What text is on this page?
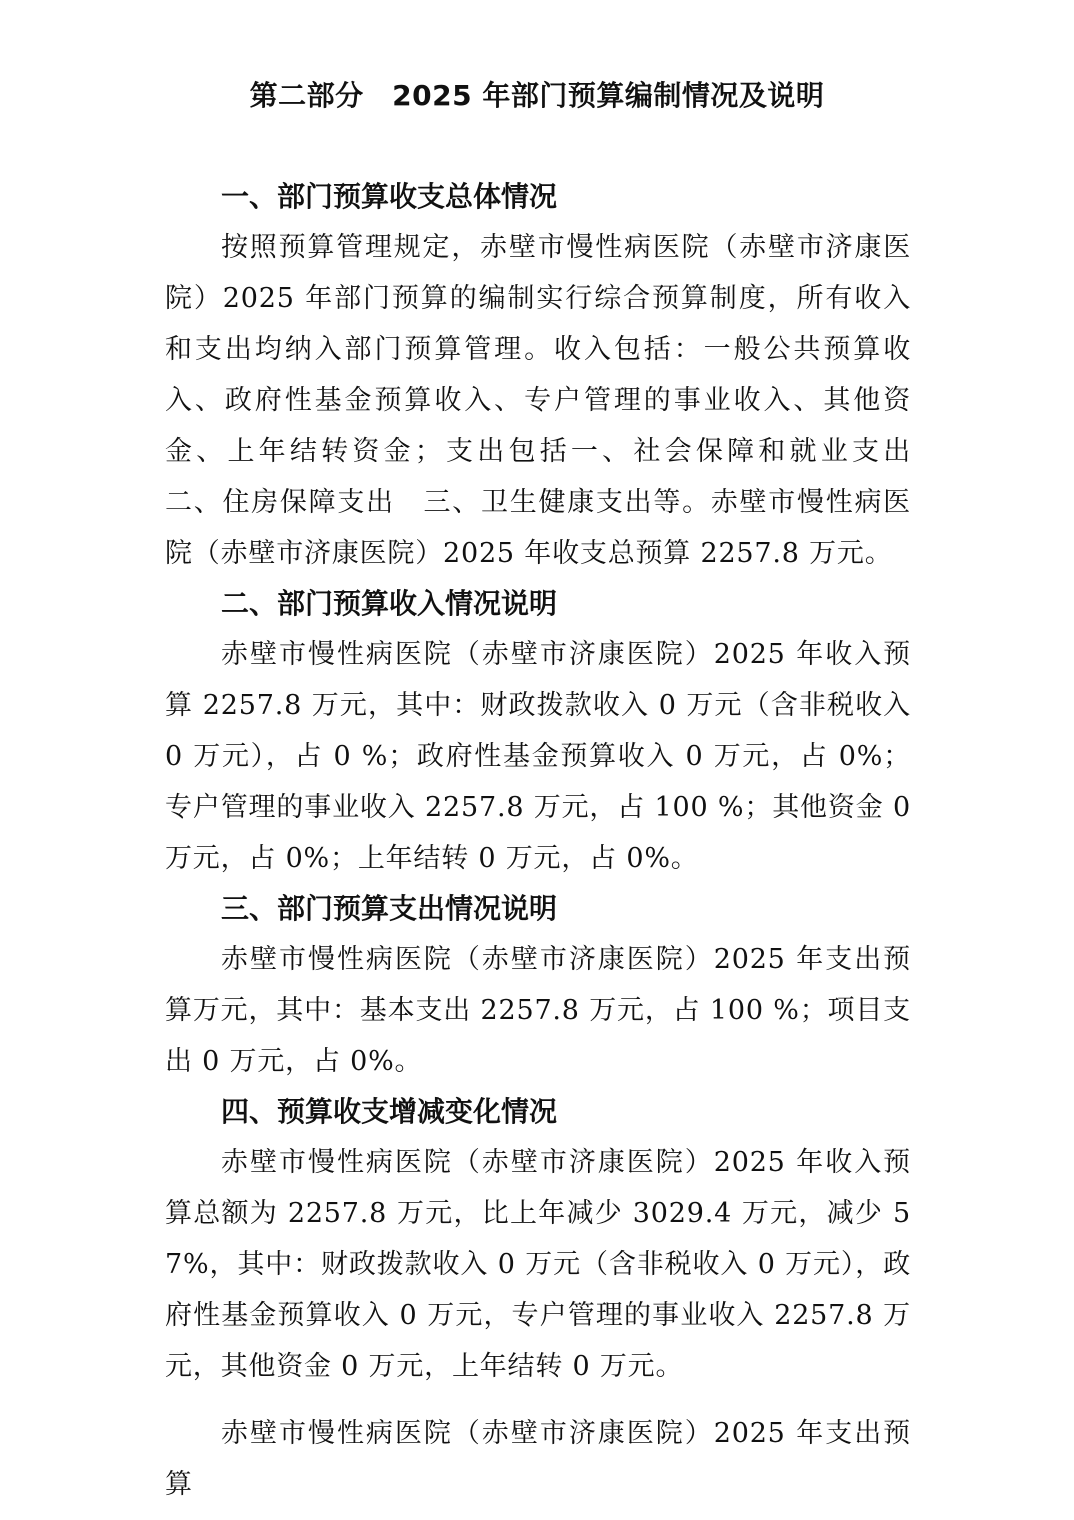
第二部分　2025 年部门预算编制情况及说明
一、部门预算收支总体情况

按照预算管理规定，赤壁市慢性病医院（赤壁市济康医院）2025 年部门预算的编制实行综合预算制度，所有收入和支出均纳入部门预算管理。收入包括：一般公共预算收入、政府性基金预算收入、专户管理的事业收入、其他资金、上年结转资金；支出包括一、社会保障和就业支出　二、住房保障支出　三、卫生健康支出等。赤壁市慢性病医院（赤壁市济康医院）2025 年收支总预算 2257.8 万元。

二、部门预算收入情况说明

赤壁市慢性病医院（赤壁市济康医院）2025 年收入预算 2257.8 万元，其中：财政拨款收入 0 万元（含非税收入 0 万元），占 0 %；政府性基金预算收入 0 万元，占 0%；专户管理的事业收入 2257.8 万元，占 100 %；其他资金 0 万元，占 0%；上年结转 0 万元，占 0%。

三、部门预算支出情况说明

赤壁市慢性病医院（赤壁市济康医院）2025 年支出预算万元，其中：基本支出 2257.8 万元，占 100 %；项目支出 0 万元，占 0%。

四、预算收支增减变化情况

赤壁市慢性病医院（赤壁市济康医院）2025 年收入预算总额为 2257.8 万元，比上年减少 3029.4 万元，减少 57%，其中：财政拨款收入 0 万元（含非税收入 0 万元），政府性基金预算收入 0 万元，专户管理的事业收入 2257.8 万元，其他资金 0 万元，上年结转 0 万元。

赤壁市慢性病医院（赤壁市济康医院）2025 年支出预算
